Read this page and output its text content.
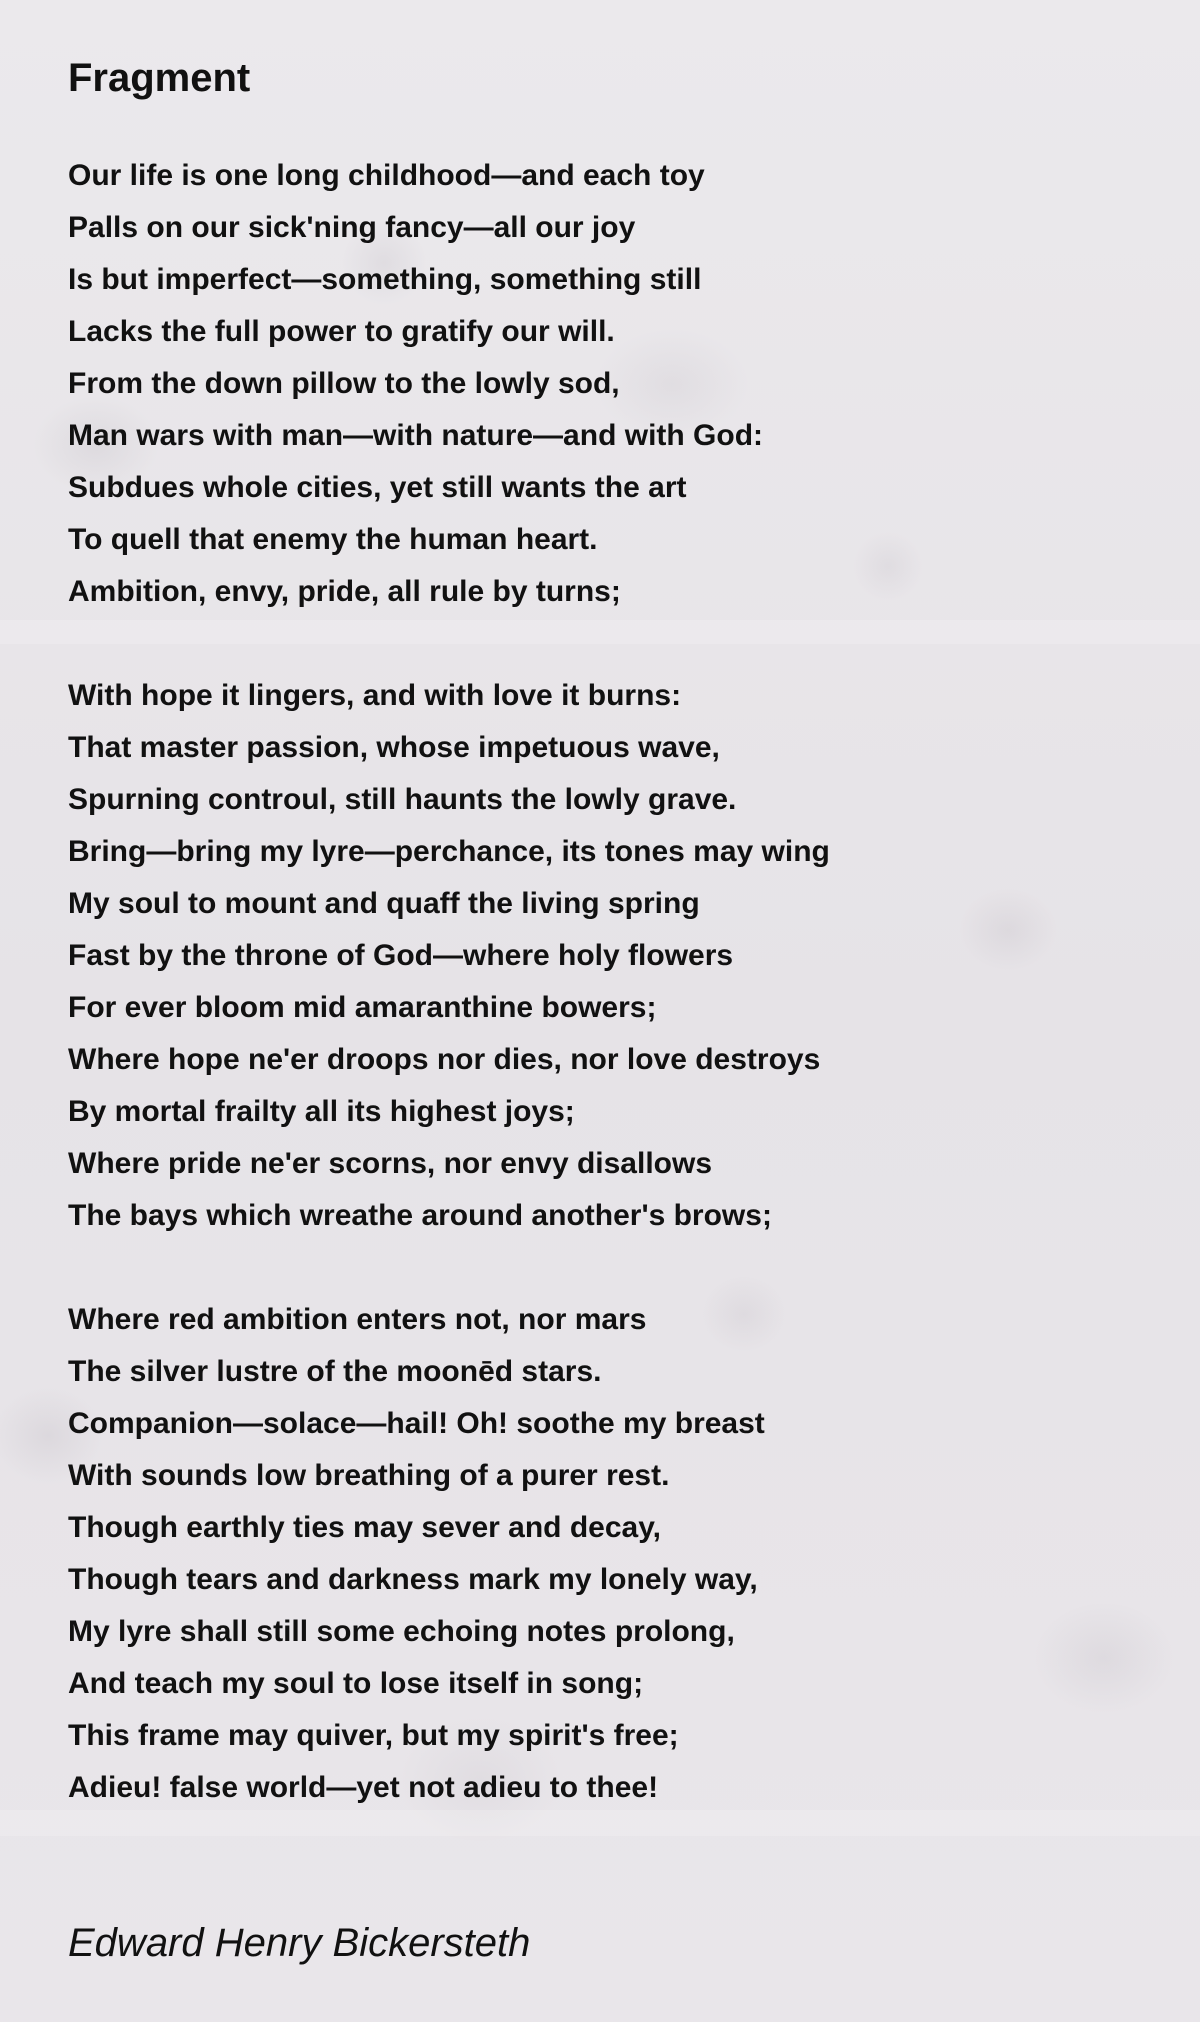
Fragment
Our life is one long childhood—and each toy
Palls on our sick'ning fancy—all our joy
Is but imperfect—something, something still
Lacks the full power to gratify our will.
From the down pillow to the lowly sod,
Man wars with man—with nature—and with God:
Subdues whole cities, yet still wants the art
To quell that enemy the human heart.
Ambition, envy, pride, all rule by turns;
With hope it lingers, and with love it burns:
That master passion, whose impetuous wave,
Spurning controul, still haunts the lowly grave.
Bring—bring my lyre—perchance, its tones may wing
My soul to mount and quaff the living spring
Fast by the throne of God—where holy flowers
For ever bloom mid amaranthine bowers;
Where hope ne'er droops nor dies, nor love destroys
By mortal frailty all its highest joys;
Where pride ne'er scorns, nor envy disallows
The bays which wreathe around another's brows;
Where red ambition enters not, nor mars
The silver lustre of the moonēd stars.
Companion—solace—hail! Oh! soothe my breast
With sounds low breathing of a purer rest.
Though earthly ties may sever and decay,
Though tears and darkness mark my lonely way,
My lyre shall still some echoing notes prolong,
And teach my soul to lose itself in song;
This frame may quiver, but my spirit's free;
Adieu! false world—yet not adieu to thee!

Edward Henry Bickersteth
